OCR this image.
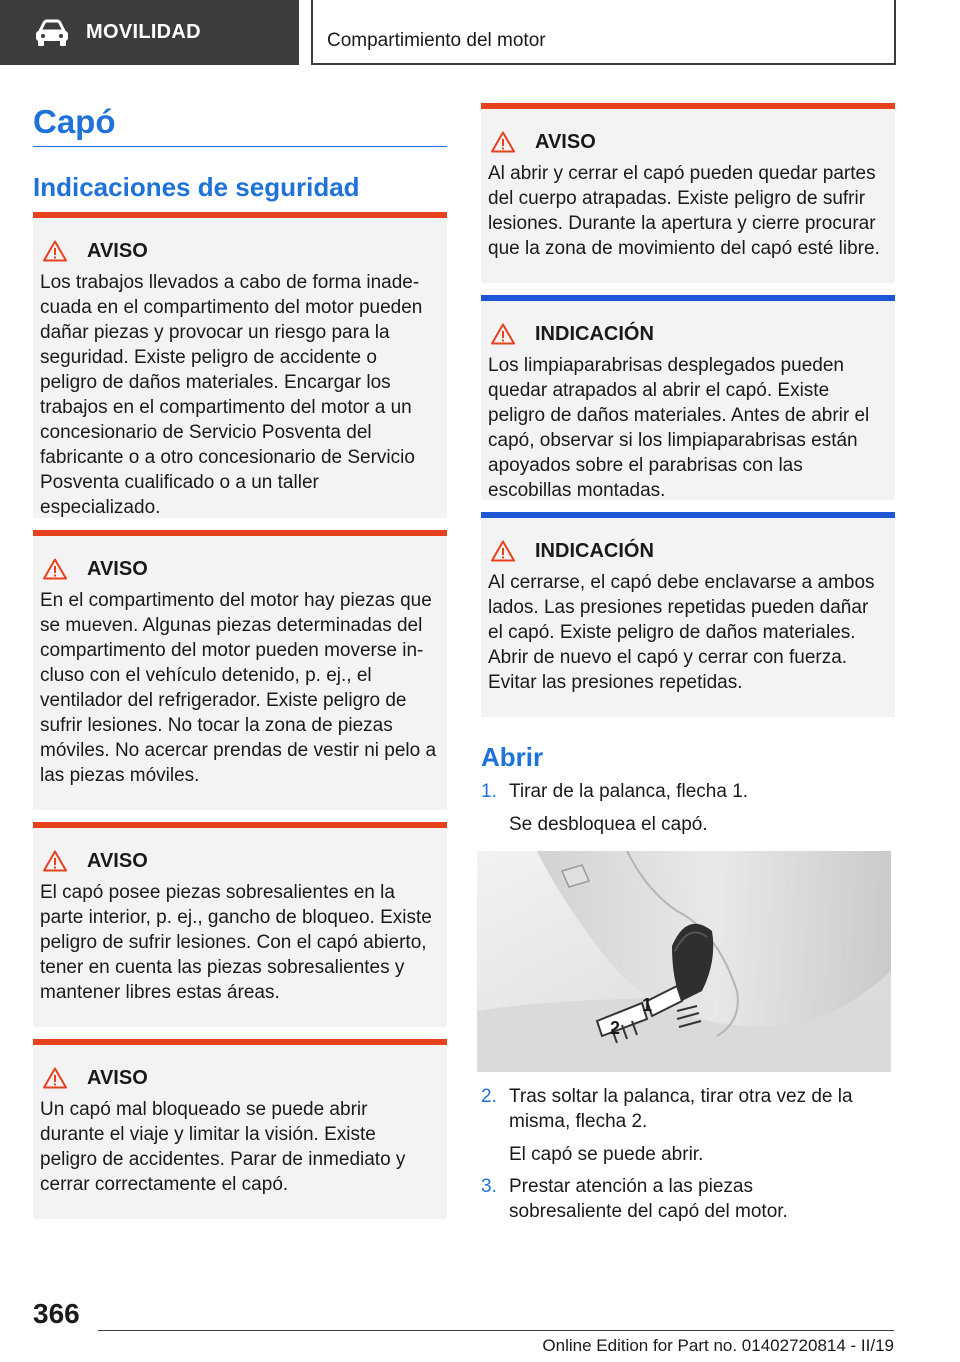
MOVILIDAD	Compartimiento del motor
Capó
Indicaciones de seguridad
AVISO
Los trabajos llevados a cabo de forma inadecuada en el compartimento del motor pueden dañar piezas y provocar un riesgo para la seguridad. Existe peligro de accidente o peligro de daños materiales. Encargar los trabajos en el compartimento del motor a un concesionario de Servicio Posventa del fabricante o a otro concesionario de Servicio Posventa cualificado o a un taller especializado.
AVISO
En el compartimento del motor hay piezas que se mueven. Algunas piezas determinadas del compartimento del motor pueden moverse incluso con el vehículo detenido, p. ej., el ventilador del refrigerador. Existe peligro de sufrir lesiones. No tocar la zona de piezas móviles. No acercar prendas de vestir ni pelo a las piezas móviles.
AVISO
El capó posee piezas sobresalientes en la parte interior, p. ej., gancho de bloqueo. Existe peligro de sufrir lesiones. Con el capó abierto, tener en cuenta las piezas sobresalientes y mantener libres estas áreas.
AVISO
Un capó mal bloqueado se puede abrir durante el viaje y limitar la visión. Existe peligro de accidentes. Parar de inmediato y cerrar correctamente el capó.
AVISO
Al abrir y cerrar el capó pueden quedar partes del cuerpo atrapadas. Existe peligro de sufrir lesiones. Durante la apertura y cierre procurar que la zona de movimiento del capó esté libre.
INDICACIÓN
Los limpiaparabrisas desplegados pueden quedar atrapados al abrir el capó. Existe peligro de daños materiales. Antes de abrir el capó, observar si los limpiaparabrisas están apoyados sobre el parabrisas con las escobillas montadas.
INDICACIÓN
Al cerrarse, el capó debe enclavarse a ambos lados. Las presiones repetidas pueden dañar el capó. Existe peligro de daños materiales. Abrir de nuevo el capó y cerrar con fuerza. Evitar las presiones repetidas.
Abrir
1. Tirar de la palanca, flecha 1.
Se desbloquea el capó.
1
2
2. Tras soltar la palanca, tirar otra vez de la misma, flecha 2.
El capó se puede abrir.
3. Prestar atención a las piezas sobresaliente del capó del motor.
366
Online Edition for Part no. 01402720814 - II/19
